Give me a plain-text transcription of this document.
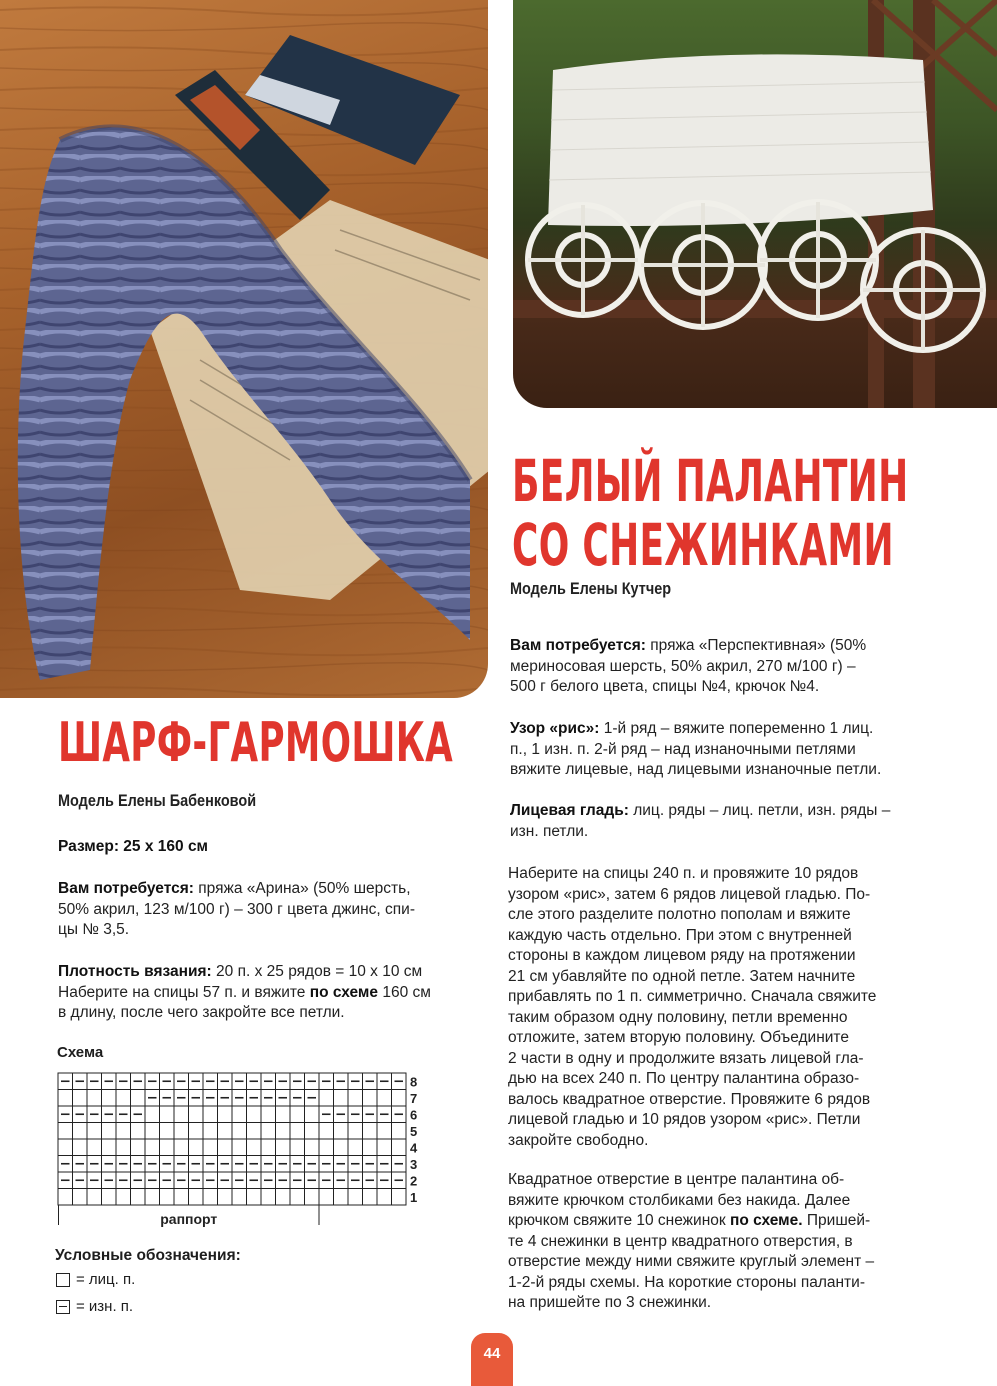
ШАРФ-ГАРМОШКА
Модель Елены Бабенковой
Размер: 25 х 160 см
Вам потребуется: пряжа «Арина» (50% шерсть,
50% акрил, 123 м/100 г) – 300 г цвета джинс, спи-
цы № 3,5.
Плотность вязания: 20 п. х 25 рядов = 10 х 10 см
Наберите на спицы 57 п. и вяжите по схеме 160 см
в длину, после чего закройте все петли.
Схема
8
7
6
5
4
3
2
1
раппорт
Условные обозначения:
= лиц. п.
= изн. п.
БЕЛЫЙ ПАЛАНТИН
СО СНЕЖИНКАМИ
Модель Елены Кутчер
Вам потребуется: пряжа «Перспективная» (50%
мериносовая шерсть, 50% акрил, 270 м/100 г) –
500 г белого цвета, спицы №4, крючок №4.
Узор «рис»: 1-й ряд – вяжите попеременно 1 лиц.
п., 1 изн. п. 2-й ряд – над изнаночными петлями
вяжите лицевые, над лицевыми изнаночные петли.
Лицевая гладь: лиц. ряды – лиц. петли, изн. ряды –
изн. петли.
Наберите на спицы 240 п. и провяжите 10 рядов
узором «рис», затем 6 рядов лицевой гладью. По-
сле этого разделите полотно пополам и вяжите
каждую часть отдельно. При этом с внутренней
стороны в каждом лицевом ряду на протяжении
21 см убавляйте по одной петле. Затем начните
прибавлять по 1 п. симметрично. Сначала свяжите
таким образом одну половину, петли временно
отложите, затем вторую половину. Объедините
2 части в одну и продолжите вязать лицевой гла-
дью на всех 240 п. По центру палантина образо-
валось квадратное отверстие. Провяжите 6 рядов
лицевой гладью и 10 рядов узором «рис». Петли
закройте свободно.
Квадратное отверстие в центре палантина об-
вяжите крючком столбиками без накида. Далее
крючком свяжите 10 снежинок по схеме. Пришей-
те 4 снежинки в центр квадратного отверстия, в
отверстие между ними свяжите круглый элемент –
1-2-й ряды схемы. На короткие стороны паланти-
на пришейте по 3 снежинки.
44
